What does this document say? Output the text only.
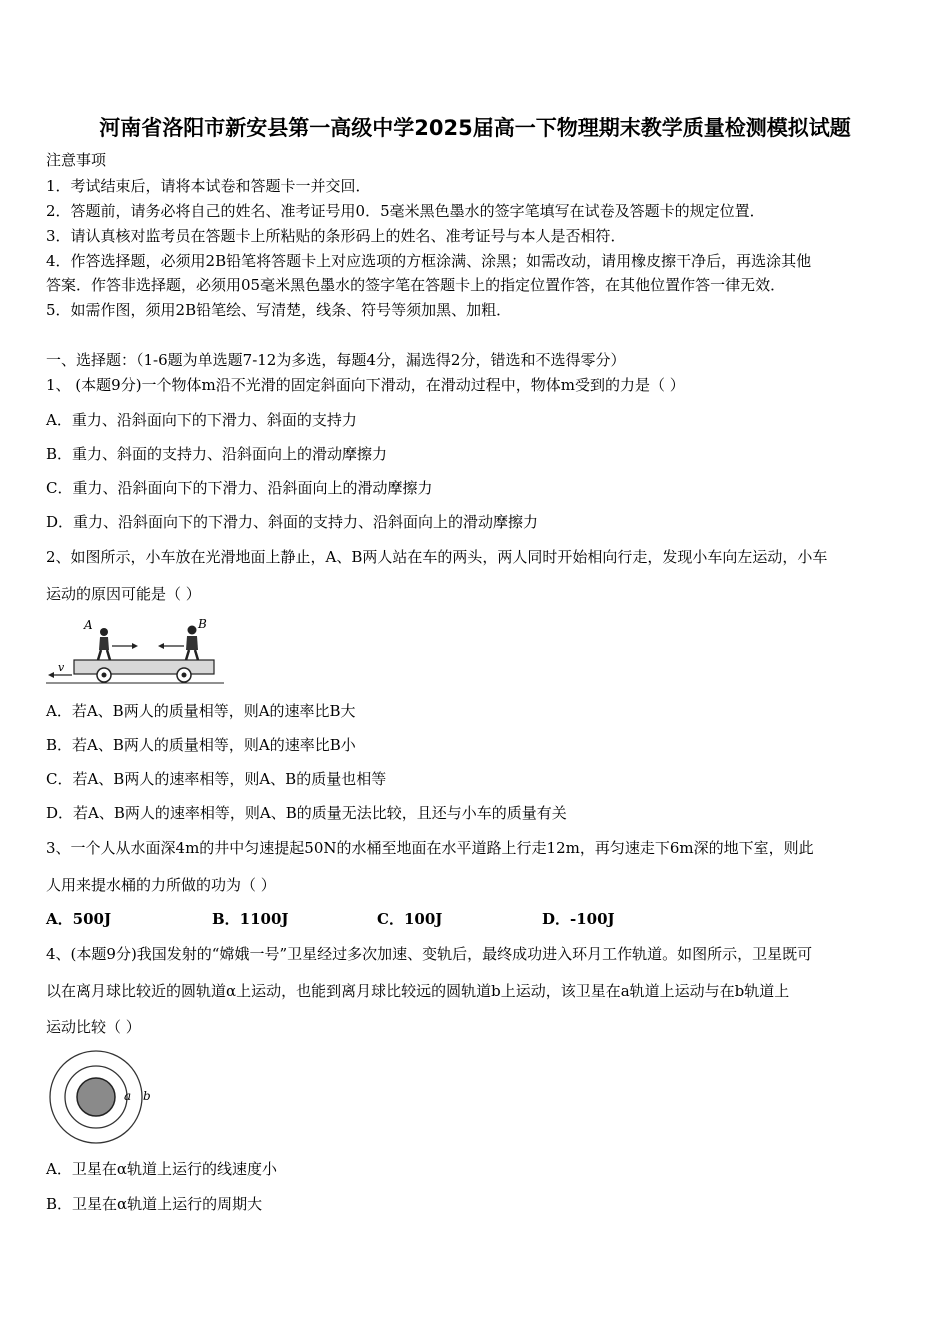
河南省洛阳市新安县第一高级中学2025届高一下物理期末教学质量检测模拟试题
注意事项
1．考试结束后，请将本试卷和答题卡一并交回．
2．答题前，请务必将自己的姓名、准考证号用0．5毫米黑色墨水的签字笔填写在试卷及答题卡的规定位置．
3．请认真核对监考员在答题卡上所粘贴的条形码上的姓名、准考证号与本人是否相符．
4．作答选择题，必须用2B铅笔将答题卡上对应选项的方框涂满、涂黑；如需改动，请用橡皮擦干净后，再选涂其他
答案．作答非选择题，必须用05毫米黑色墨水的签字笔在答题卡上的指定位置作答，在其他位置作答一律无效．
5．如需作图，须用2B铅笔绘、写清楚，线条、符号等须加黑、加粗．
一、选择题：（1-6题为单选题7-12为多选，每题4分，漏选得2分，错选和不选得零分）
1、 (本题9分)一个物体m沿不光滑的固定斜面向下滑动，在滑动过程中，物体m受到的力是（ ）
A．重力、沿斜面向下的下滑力、斜面的支持力
B．重力、斜面的支持力、沿斜面向上的滑动摩擦力
C．重力、沿斜面向下的下滑力、沿斜面向上的滑动摩擦力
D．重力、沿斜面向下的下滑力、斜面的支持力、沿斜面向上的滑动摩擦力
2、如图所示，小车放在光滑地面上静止，A、B两人站在车的两头，两人同时开始相向行走，发现小车向左运动，小车
运动的原因可能是（ ）
A	B
v
A．若A、B两人的质量相等，则A的速率比B大
B．若A、B两人的质量相等，则A的速率比B小
C．若A、B两人的速率相等，则A、B的质量也相等
D．若A、B两人的速率相等，则A、B的质量无法比较，且还与小车的质量有关
3、一个人从水面深4m的井中匀速提起50N的水桶至地面在水平道路上行走12m，再匀速走下6m深的地下室，则此
人用来提水桶的力所做的功为（ ）
A．500J	B．1100J	C．100J	D．-100J
4、(本题9分)我国发射的“嫦娥一号”卫星经过多次加速、变轨后，最终成功进入环月工作轨道。如图所示，卫星既可
以在离月球比较近的圆轨道α上运动，也能到离月球比较远的圆轨道b上运动，该卫星在a轨道上运动与在b轨道上
运动比较（ ）
a b
A．卫星在α轨道上运行的线速度小
B．卫星在α轨道上运行的周期大
